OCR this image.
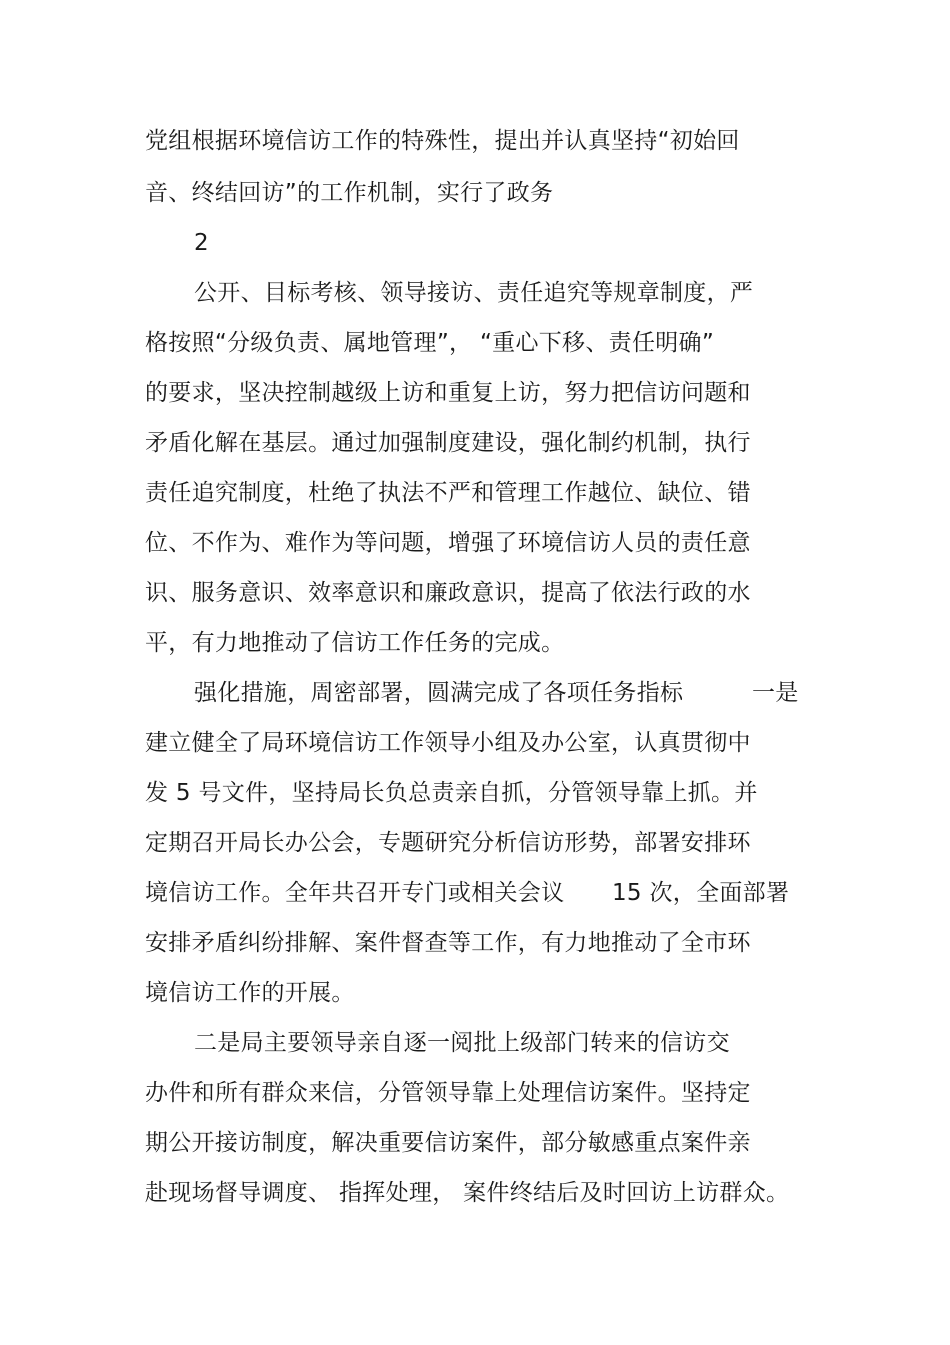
党组根据环境信访工作的特殊性，提出并认真坚持“初始回

音、终结回访”的工作机制，实行了政务

2

公开、目标考核、领导接访、责任追究等规章制度，严

格按照“分级负责、属地管理”， “重心下移、责任明确”

的要求，坚决控制越级上访和重复上访，努力把信访问题和

矛盾化解在基层。通过加强制度建设，强化制约机制，执行

责任追究制度，杜绝了执法不严和管理工作越位、缺位、错

位、不作为、难作为等问题，增强了环境信访人员的责任意

识、服务意识、效率意识和廉政意识，提高了依法行政的水

平，有力地推动了信访工作任务的完成。

强化措施，周密部署，圆满完成了各项任务指标	一是

建立健全了局环境信访工作领导小组及办公室，认真贯彻中

发 5 号文件，坚持局长负总责亲自抓，分管领导靠上抓。并

定期召开局长办公会，专题研究分析信访形势，部署安排环

境信访工作。全年共召开专门或相关会议 15 次，全面部署

安排矛盾纠纷排解、案件督查等工作，有力地推动了全市环

境信访工作的开展。

二是局主要领导亲自逐一阅批上级部门转来的信访交

办件和所有群众来信，分管领导靠上处理信访案件。坚持定

期公开接访制度，解决重要信访案件，部分敏感重点案件亲

赴现场督导调度、 指挥处理， 案件终结后及时回访上访群众。
